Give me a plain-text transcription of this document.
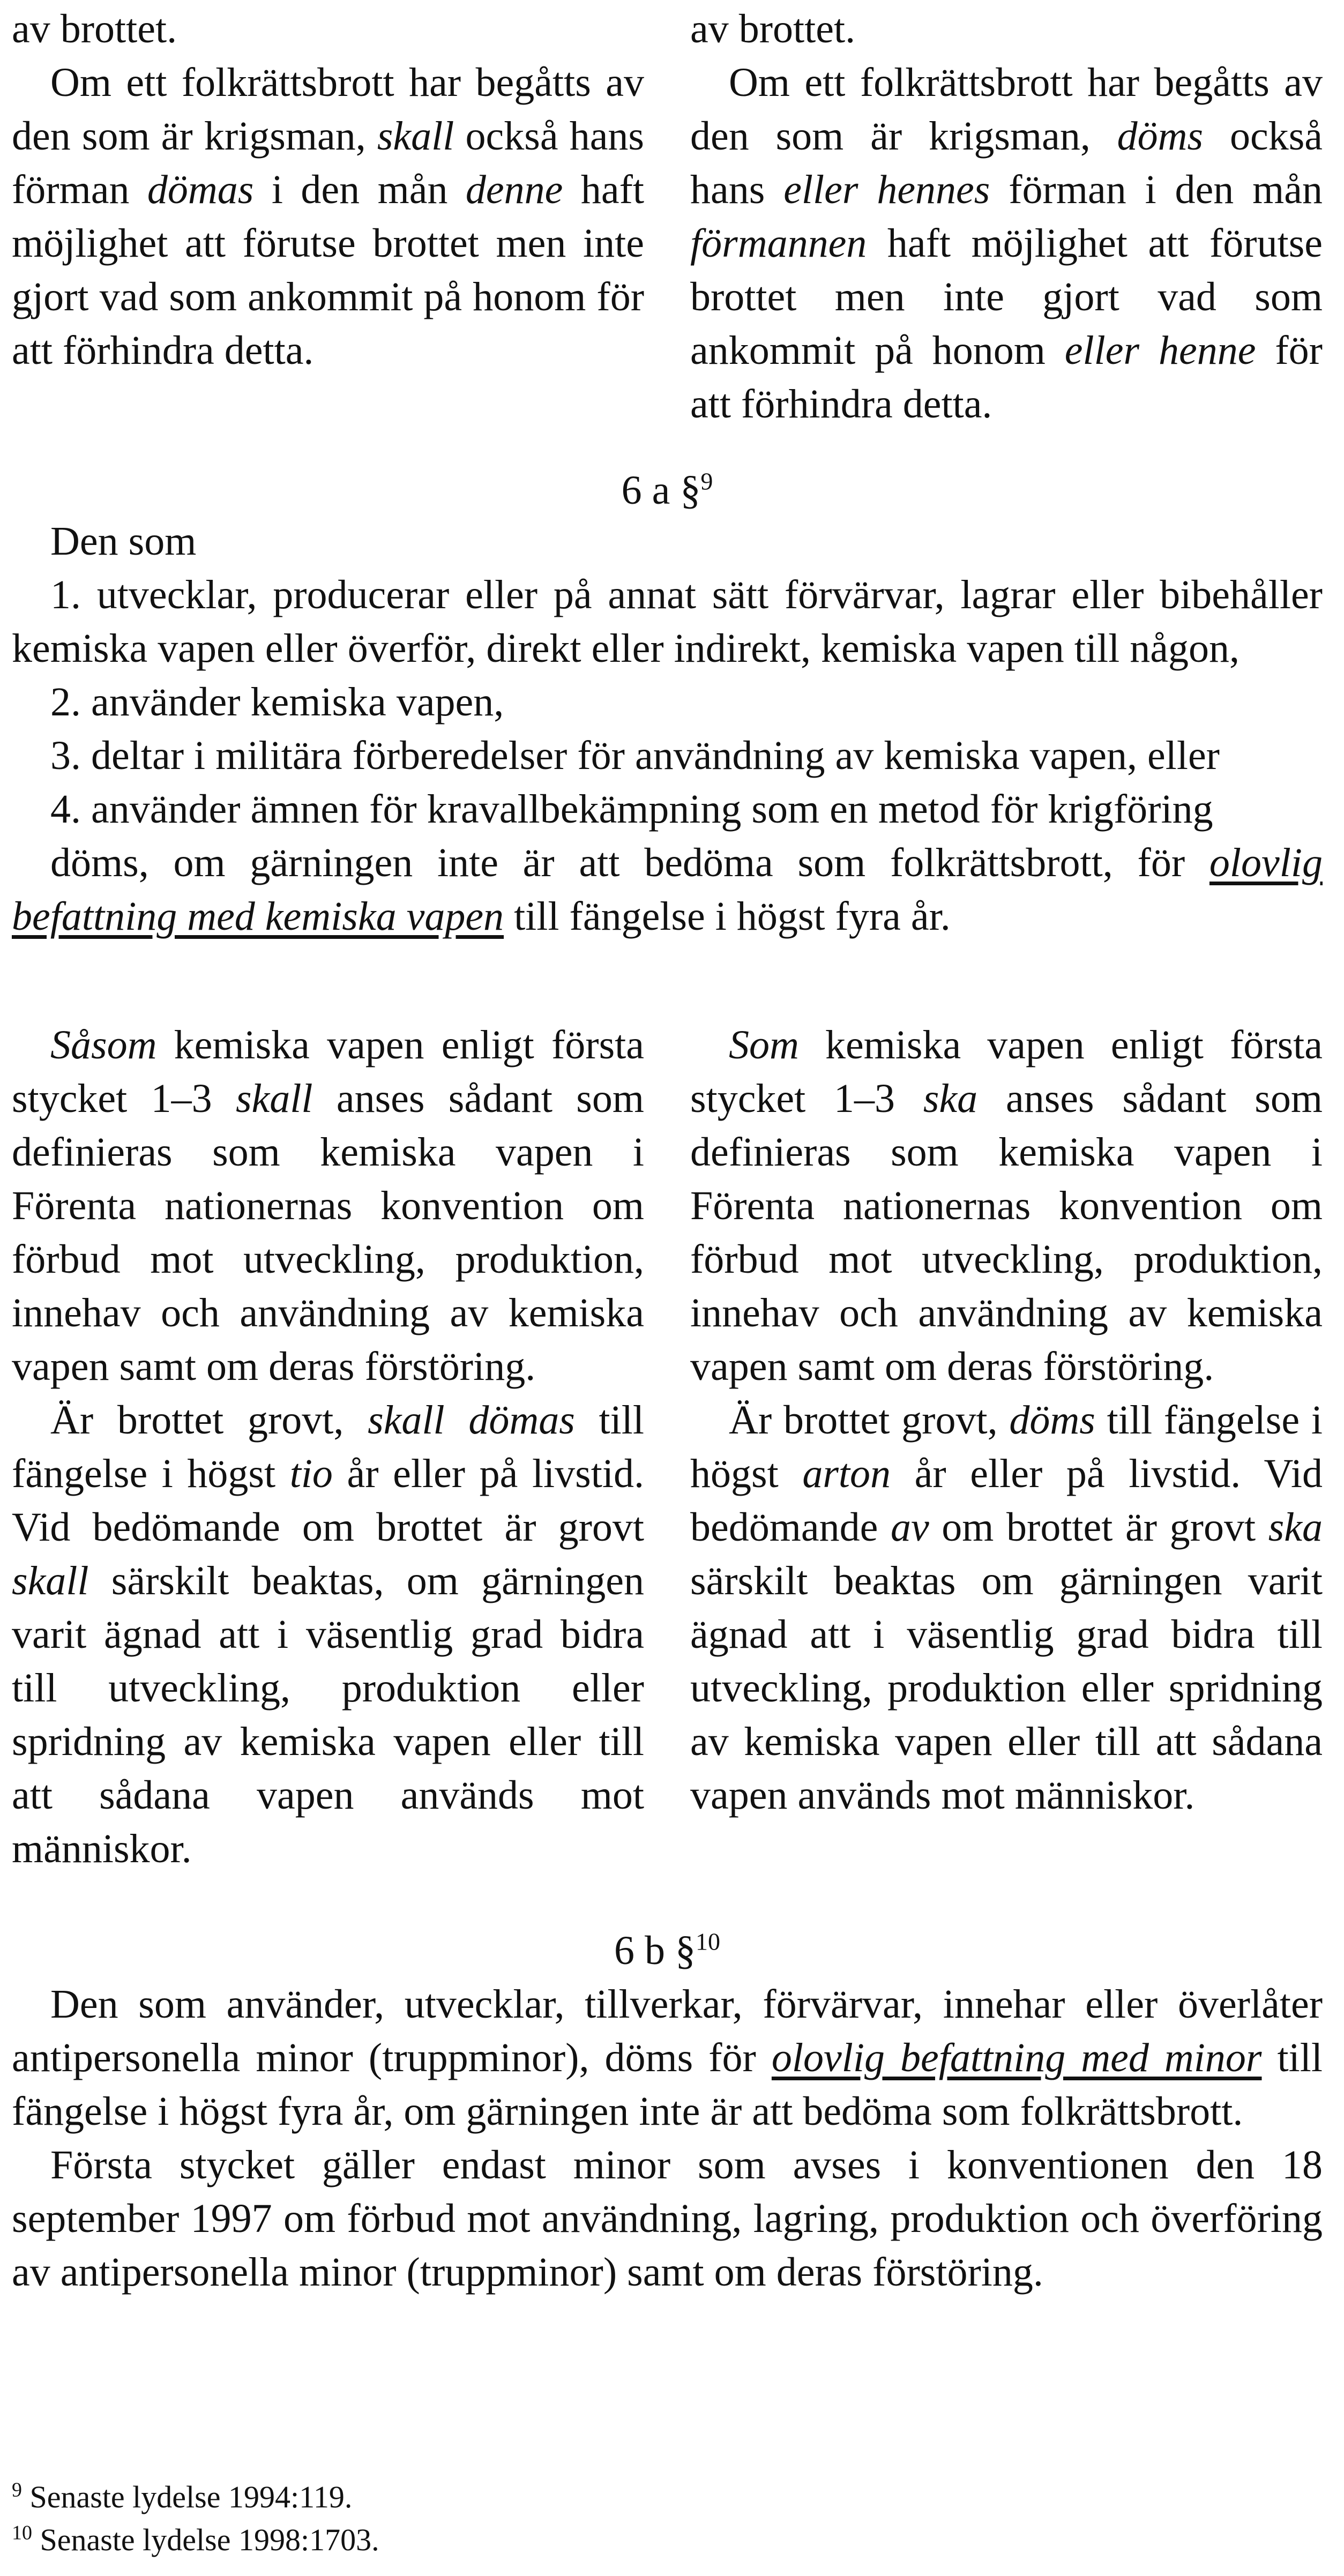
av brottet.

Om ett folkrättsbrott har begåtts av den som är krigsman, skall också hans förman dömas i den mån denne haft möjlighet att förutse brottet men inte gjort vad som ankommit på honom för att förhindra detta.

av brottet.

Om ett folkrättsbrott har begåtts av den som är krigsman, döms också hans eller hennes förman i den mån förmannen haft möjlighet att förutse brottet men inte gjort vad som ankommit på honom eller henne för att förhindra detta.

6 a §$^9$

Den som

1. utvecklar, producerar eller på annat sätt förvärvar, lagrar eller bibehåller kemiska vapen eller överför, direkt eller indirekt, kemiska vapen till någon,

2. använder kemiska vapen,

3. deltar i militära förberedelser för användning av kemiska vapen, eller

4. använder ämnen för kravallbekämpning som en metod för krigföring

döms, om gärningen inte är att bedöma som folkrättsbrott, för olovlig befattning med kemiska vapen till fängelse i högst fyra år.

Såsom kemiska vapen enligt första stycket 1–3 skall anses sådant som definieras som kemiska vapen i Förenta nationernas konvention om förbud mot utveckling, produktion, innehav och användning av kemiska vapen samt om deras förstöring.

Är brottet grovt, skall dömas till fängelse i högst tio år eller på livstid. Vid bedömande om brottet är grovt skall särskilt beaktas, om gärningen varit ägnad att i väsentlig grad bidra till utveckling, produktion eller spridning av kemiska vapen eller till att sådana vapen används mot människor.

Som kemiska vapen enligt första stycket 1–3 ska anses sådant som definieras som kemiska vapen i Förenta nationernas konvention om förbud mot utveckling, produktion, innehav och användning av kemiska vapen samt om deras förstöring.

Är brottet grovt, döms till fängelse i högst arton år eller på livstid. Vid bedömande av om brottet är grovt ska särskilt beaktas om gärningen varit ägnad att i väsentlig grad bidra till utveckling, produktion eller spridning av kemiska vapen eller till att sådana vapen används mot människor.

6 b §$^{10}$

Den som använder, utvecklar, tillverkar, förvärvar, innehar eller överlåter antipersonella minor (truppminor), döms för olovlig befattning med minor till fängelse i högst fyra år, om gärningen inte är att bedöma som folkrättsbrott.

Första stycket gäller endast minor som avses i konventionen den 18 september 1997 om förbud mot användning, lagring, produktion och överföring av antipersonella minor (truppminor) samt om deras förstöring.

$^9$ Senaste lydelse 1994:119.
$^{10}$ Senaste lydelse 1998:1703.
